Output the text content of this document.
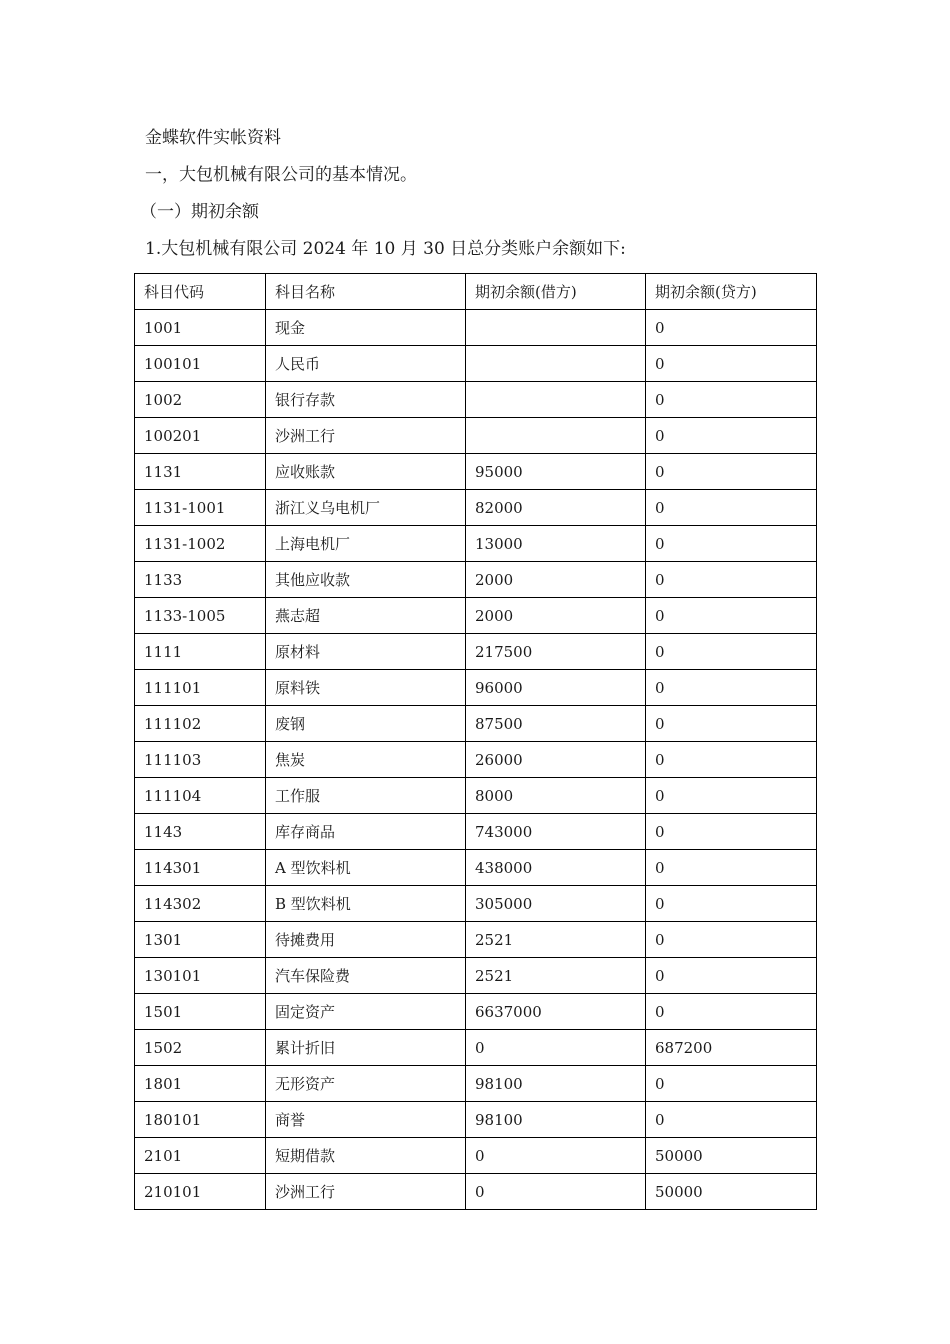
金蝶软件实帐资料
一，大包机械有限公司的基本情况。
（一）期初余额
1.大包机械有限公司 2024 年 10 月 30 日总分类账户余额如下:
科目代码	科目名称	期初余额(借方)	期初余额(贷方)
1001	现金		0
100101	人民币		0
1002	银行存款		0
100201	沙洲工行		0
1131	应收账款	95000	0
1131-1001	浙江义乌电机厂	82000	0
1131-1002	上海电机厂	13000	0
1133	其他应收款	2000	0
1133-1005	燕志超	2000	0
1111	原材料	217500	0
111101	原料铁	96000	0
111102	废钢	87500	0
111103	焦炭	26000	0
111104	工作服	8000	0
1143	库存商品	743000	0
114301	A 型饮料机	438000	0
114302	B 型饮料机	305000	0
1301	待摊费用	2521	0
130101	汽车保险费	2521	0
1501	固定资产	6637000	0
1502	累计折旧	0	687200
1801	无形资产	98100	0
180101	商誉	98100	0
2101	短期借款	0	50000
210101	沙洲工行	0	50000
